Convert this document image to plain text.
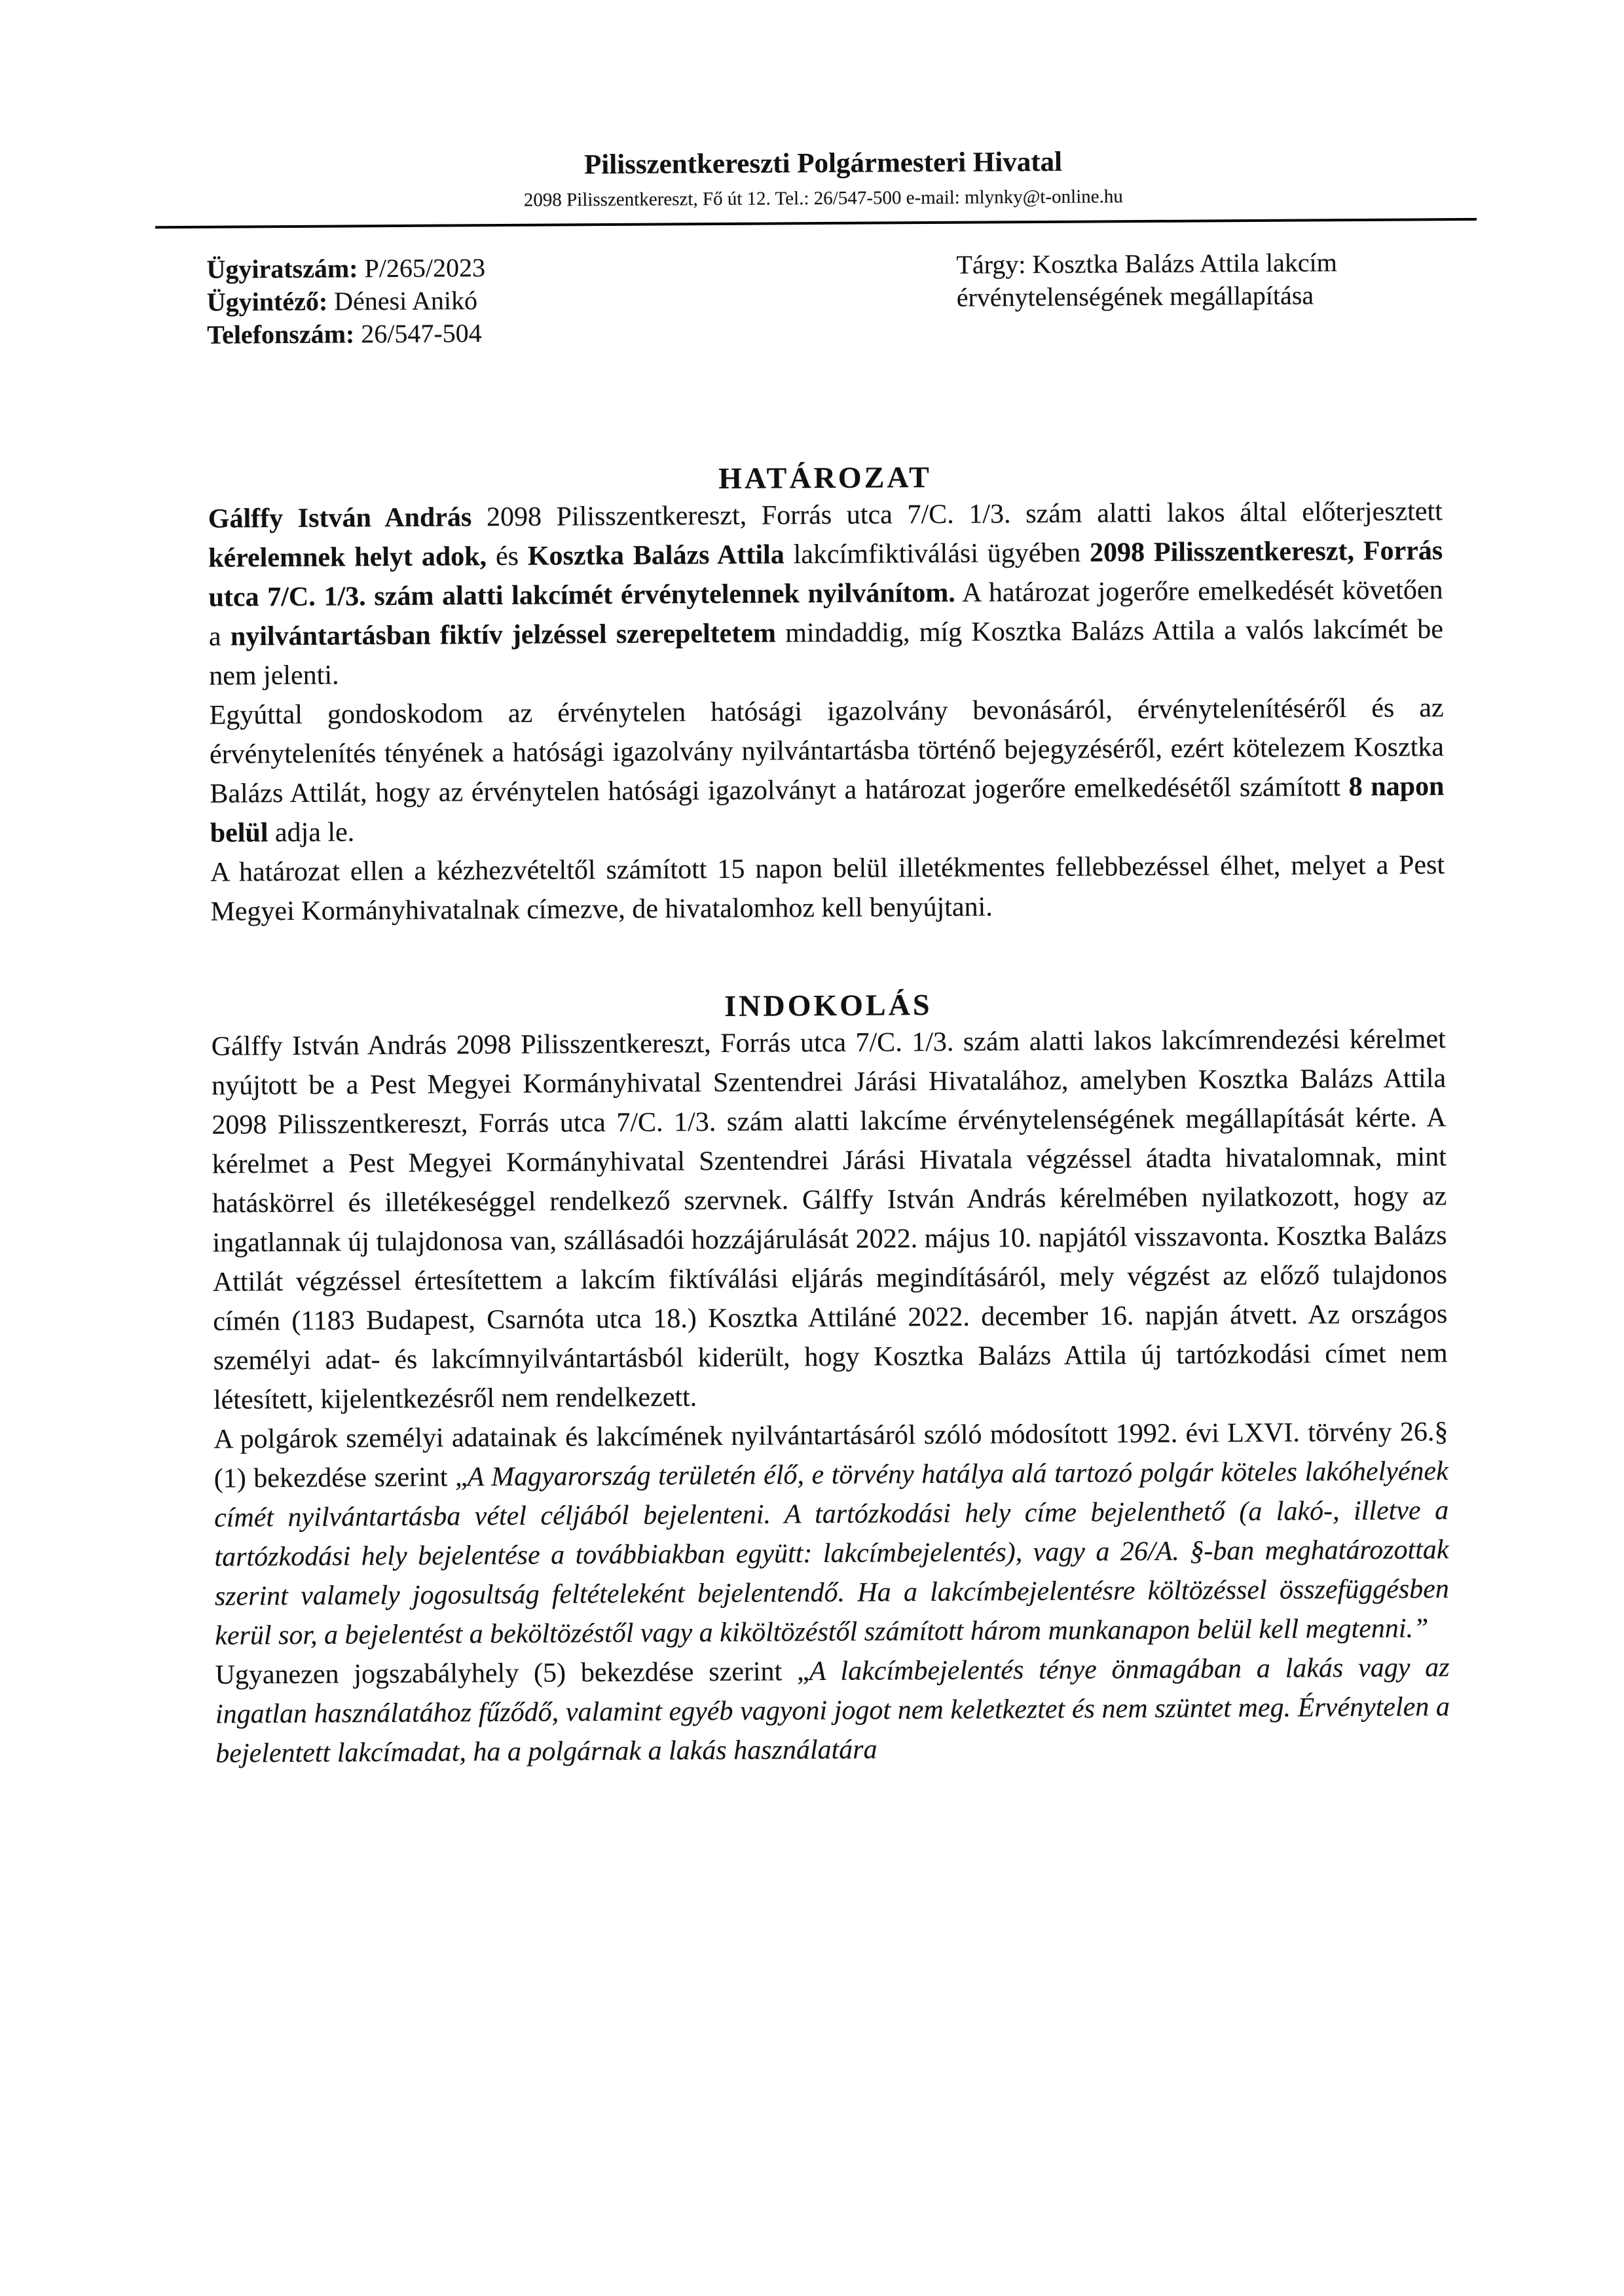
Pilisszentkereszti Polgármesteri Hivatal
2098 Pilisszentkereszt, Fő út 12. Tel.: 26/547-500 e-mail: mlynky@t-online.hu
Ügyiratszám: P/265/2023
Ügyintéző: Dénesi Anikó
Telefonszám: 26/547-504
Tárgy: Kosztka Balázs Attila lakcím
érvénytelenségének megállapítása
HATÁROZAT

Gálffy István András 2098 Pilisszentkereszt, Forrás utca 7/C. 1/3. szám alatti lakos által előterjesztett kérelemnek helyt adok, és Kosztka Balázs Attila lakcímfiktiválási ügyében 2098 Pilisszentkereszt, Forrás utca 7/C. 1/3. szám alatti lakcímét érvénytelennek nyilvánítom. A határozat jogerőre emelkedését követően a nyilvántartásban fiktív jelzéssel szerepeltetem mindaddig, míg Kosztka Balázs Attila a valós lakcímét be nem jelenti.

Egyúttal gondoskodom az érvénytelen hatósági igazolvány bevonásáról, érvénytelenítéséről és az érvénytelenítés tényének a hatósági igazolvány nyilvántartásba történő bejegyzéséről, ezért kötelezem Kosztka Balázs Attilát, hogy az érvénytelen hatósági igazolványt a határozat jogerőre emelkedésétől számított 8 napon belül adja le.

A határozat ellen a kézhezvételtől számított 15 napon belül illetékmentes fellebbezéssel élhet, melyet a Pest Megyei Kormányhivatalnak címezve, de hivatalomhoz kell benyújtani.

INDOKOLÁS

Gálffy István András 2098 Pilisszentkereszt, Forrás utca 7/C. 1/3. szám alatti lakos lakcímrendezési kérelmet nyújtott be a Pest Megyei Kormányhivatal Szentendrei Járási Hivatalához, amelyben Kosztka Balázs Attila 2098 Pilisszentkereszt, Forrás utca 7/C. 1/3. szám alatti lakcíme érvénytelenségének megállapítását kérte. A kérelmet a Pest Megyei Kormányhivatal Szentendrei Járási Hivatala végzéssel átadta hivatalomnak, mint hatáskörrel és illetékeséggel rendelkező szervnek. Gálffy István András kérelmében nyilatkozott, hogy az ingatlannak új tulajdonosa van, szállásadói hozzájárulását 2022. május 10. napjától visszavonta. Kosztka Balázs Attilát végzéssel értesítettem a lakcím fiktíválási eljárás megindításáról, mely végzést az előző tulajdonos címén (1183 Budapest, Csarnóta utca 18.) Kosztka Attiláné 2022. december 16. napján átvett. Az országos személyi adat- és lakcímnyilvántartásból kiderült, hogy Kosztka Balázs Attila új tartózkodási címet nem létesített, kijelentkezésről nem rendelkezett.

A polgárok személyi adatainak és lakcímének nyilvántartásáról szóló módosított 1992. évi LXVI. törvény 26.§ (1) bekezdése szerint „A Magyarország területén élő, e törvény hatálya alá tartozó polgár köteles lakóhelyének címét nyilvántartásba vétel céljából bejelenteni. A tartózkodási hely címe bejelenthető (a lakó-, illetve a tartózkodási hely bejelentése a továbbiakban együtt: lakcímbejelentés), vagy a 26/A. §-ban meghatározottak szerint valamely jogosultság feltételeként bejelentendő. Ha a lakcímbejelentésre költözéssel összefüggésben kerül sor, a bejelentést a beköltözéstől vagy a kiköltözéstől számított három munkanapon belül kell megtenni.”

Ugyanezen jogszabályhely (5) bekezdése szerint „A lakcímbejelentés ténye önmagában a lakás vagy az ingatlan használatához fűződő, valamint egyéb vagyoni jogot nem keletkeztet és nem szüntet meg. Érvénytelen a bejelentett lakcímadat, ha a polgárnak a lakás használatára
